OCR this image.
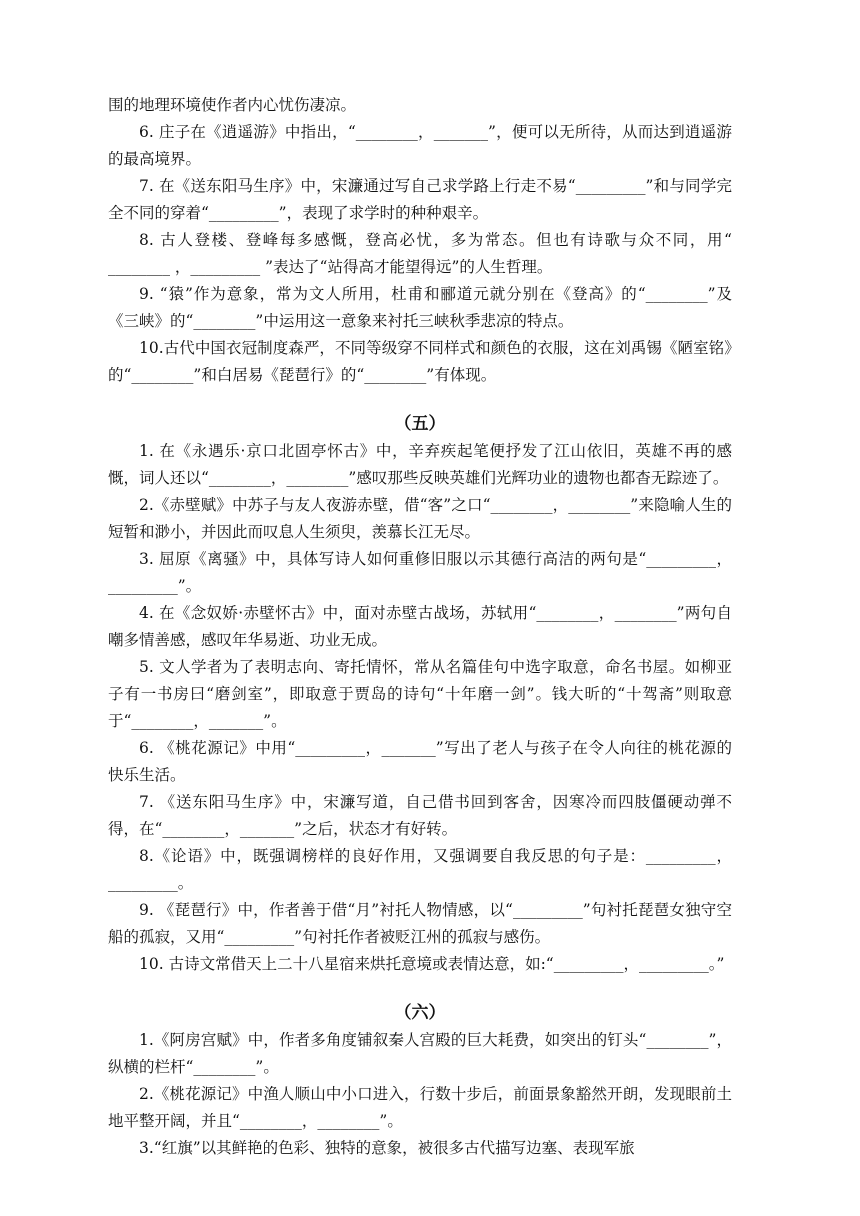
围的地理环境使作者内心忧伤凄凉。

6. 庄子在《逍遥游》中指出，“________，_______”，便可以无所待，从而达到逍遥游的最高境界。

7. 在《送东阳马生序》中，宋濂通过写自己求学路上行走不易“_________”和与同学完全不同的穿着“_________”，表现了求学时的种种艰辛。

8. 古人登楼、登峰每多感慨，登高必忧，多为常态。但也有诗歌与众不同，用“ ________ ，_________ ”表达了“站得高才能望得远”的人生哲理。

9. “猿”作为意象，常为文人所用，杜甫和郦道元就分别在《登高》的“________”及《三峡》的“________”中运用这一意象来衬托三峡秋季悲凉的特点。

10.古代中国衣冠制度森严，不同等级穿不同样式和颜色的衣服，这在刘禹锡《陋室铭》的“________”和白居易《琵琶行》的“________”有体现。

（五）

1. 在《永遇乐·京口北固亭怀古》中，辛弃疾起笔便抒发了江山依旧，英雄不再的感慨，词人还以“________，________”感叹那些反映英雄们光辉功业的遗物也都杳无踪迹了。

2.《赤壁赋》中苏子与友人夜游赤壁，借“客”之口“________，________”来隐喻人生的短暂和渺小，并因此而叹息人生须臾，羡慕长江无尽。

3. 屈原《离骚》中，具体写诗人如何重修旧服以示其德行高洁的两句是“_________，_________”。

4. 在《念奴娇·赤壁怀古》中，面对赤壁古战场，苏轼用“________，________”两句自嘲多情善感，感叹年华易逝、功业无成。

5. 文人学者为了表明志向、寄托情怀，常从名篇佳句中选字取意，命名书屋。如柳亚子有一书房曰“磨剑室”，即取意于贾岛的诗句“十年磨一剑”。钱大昕的“十驾斋”则取意于“________，_______”。

6. 《桃花源记》中用“_________，_______”写出了老人与孩子在令人向往的桃花源的快乐生活。

7. 《送东阳马生序》中，宋濂写道，自己借书回到客舍，因寒冷而四肢僵硬动弹不得，在“________，_______”之后，状态才有好转。

8.《论语》中，既强调榜样的良好作用，又强调要自我反思的句子是：_________，_________。

9. 《琵琶行》中，作者善于借“月”衬托人物情感，以“_________”句衬托琵琶女独守空船的孤寂，又用“_________”句衬托作者被贬江州的孤寂与感伤。

10. 古诗文常借天上二十八星宿来烘托意境或表情达意，如:“_________，_________。”

（六）

1.《阿房宫赋》中，作者多角度铺叙秦人宫殿的巨大耗费，如突出的钉头“________”，纵横的栏杆“________”。

2.《桃花源记》中渔人顺山中小口进入，行数十步后，前面景象豁然开朗，发现眼前土地平整开阔，并且“________，________”。

3.“红旗”以其鲜艳的色彩、独特的意象，被很多古代描写边塞、表现军旅
